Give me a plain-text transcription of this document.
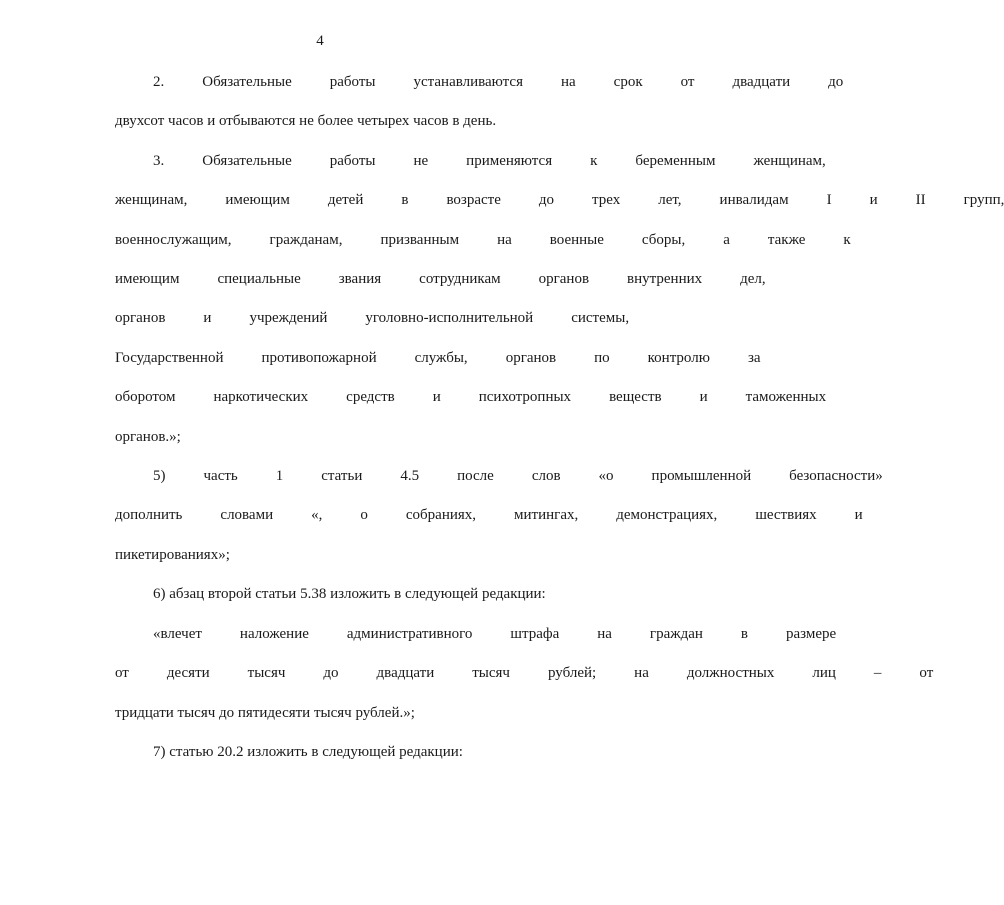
4
2.	Обязательные	работы	устанавливаются	на	срок	от	двадцати	до
двухсот часов и отбываются не более четырех часов в день.
3.	Обязательные	работы	не	применяются	к	беременным	женщинам,
женщинам,	имеющим	детей	в	возрасте	до	трех	лет,	инвалидам	I	и	II	групп,
военнослужащим,	гражданам,	призванным	на	военные	сборы,	а	также	к
имеющим	специальные	звания	сотрудникам	органов	внутренних	дел,
органов	и	учреждений	уголовно-исполнительной	системы,
Государственной	противопожарной	службы,	органов	по	контролю	за
оборотом	наркотических	средств	и	психотропных	веществ	и	таможенных
органов.»;
5)	часть	1	статьи	4.5	после	слов	«о	промышленной	безопасности»
дополнить	словами	«,	о	собраниях,	митингах,	демонстрациях,	шествиях	и
пикетированиях»;
6) абзац второй статьи 5.38 изложить в следующей редакции:
«влечет	наложение	административного	штрафа	на	граждан	в	размере
от	десяти	тысяч	до	двадцати	тысяч	рублей;	на	должностных	лиц	–	от
тридцати тысяч до пятидесяти тысяч рублей.»;
7) статью 20.2 изложить в следующей редакции:
